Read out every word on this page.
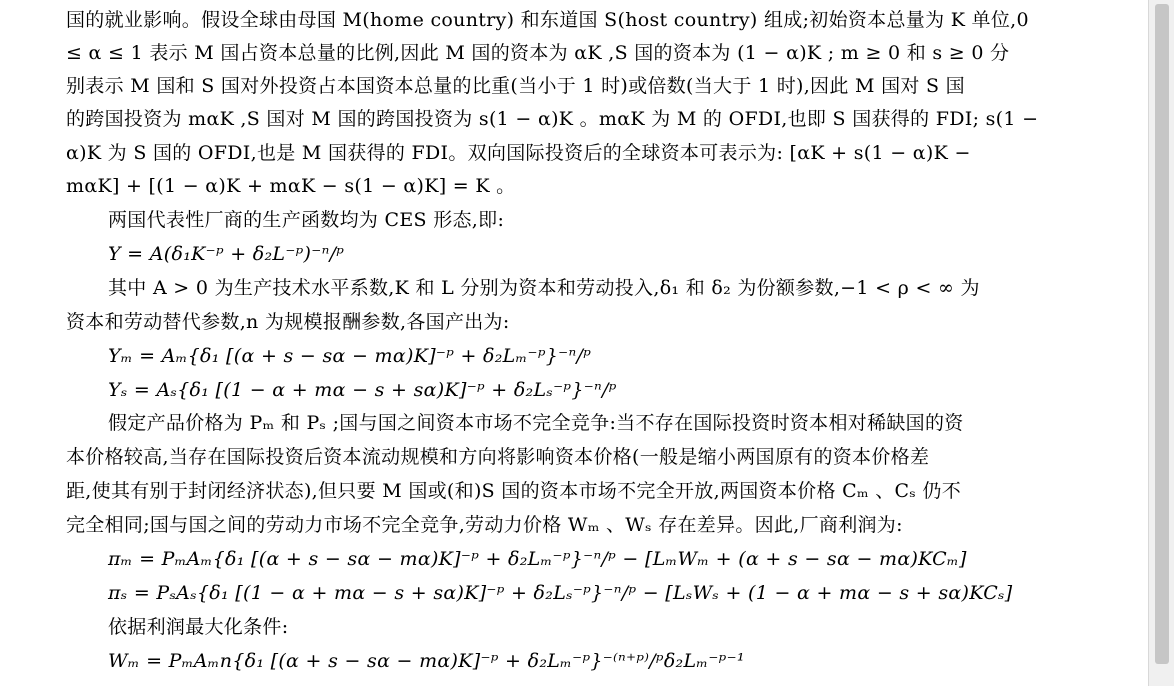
国的就业影响。假设全球由母国 M(home country) 和东道国 S(host country) 组成;初始资本总量为 K 单位,0
≤ α ≤ 1 表示 M 国占资本总量的比例,因此 M 国的资本为 αK ,S 国的资本为 (1 − α)K ; m ≥ 0 和 s ≥ 0 分
别表示 M 国和 S 国对外投资占本国资本总量的比重(当小于 1 时)或倍数(当大于 1 时),因此 M 国对 S 国
的跨国投资为 mαK ,S 国对 M 国的跨国投资为 s(1 − α)K 。mαK 为 M 的 OFDI,也即 S 国获得的 FDI; s(1 −
α)K 为 S 国的 OFDI,也是 M 国获得的 FDI。双向国际投资后的全球资本可表示为: [αK + s(1 − α)K −
mαK] + [(1 − α)K + mαK − s(1 − α)K] = K 。
两国代表性厂商的生产函数均为 CES 形态,即:
Y = A(δ₁K⁻ᵖ + δ₂L⁻ᵖ)⁻ⁿ/ᵖ
其中 A > 0 为生产技术水平系数,K 和 L 分别为资本和劳动投入,δ₁ 和 δ₂ 为份额参数,−1 < ρ < ∞ 为
资本和劳动替代参数,n 为规模报酬参数,各国产出为:
Yₘ = Aₘ{δ₁ [(α + s − sα − mα)K]⁻ᵖ + δ₂Lₘ⁻ᵖ}⁻ⁿ/ᵖ
Yₛ = Aₛ{δ₁ [(1 − α + mα − s + sα)K]⁻ᵖ + δ₂Lₛ⁻ᵖ}⁻ⁿ/ᵖ
假定产品价格为 Pₘ 和 Pₛ ;国与国之间资本市场不完全竞争:当不存在国际投资时资本相对稀缺国的资
本价格较高,当存在国际投资后资本流动规模和方向将影响资本价格(一般是缩小两国原有的资本价格差
距,使其有别于封闭经济状态),但只要 M 国或(和)S 国的资本市场不完全开放,两国资本价格 Cₘ 、Cₛ 仍不
完全相同;国与国之间的劳动力市场不完全竞争,劳动力价格 Wₘ 、Wₛ 存在差异。因此,厂商利润为:
πₘ = PₘAₘ{δ₁ [(α + s − sα − mα)K]⁻ᵖ + δ₂Lₘ⁻ᵖ}⁻ⁿ/ᵖ − [LₘWₘ + (α + s − sα − mα)KCₘ]
πₛ = PₛAₛ{δ₁ [(1 − α + mα − s + sα)K]⁻ᵖ + δ₂Lₛ⁻ᵖ}⁻ⁿ/ᵖ − [LₛWₛ + (1 − α + mα − s + sα)KCₛ]
依据利润最大化条件:
Wₘ = PₘAₘn{δ₁ [(α + s − sα − mα)K]⁻ᵖ + δ₂Lₘ⁻ᵖ}⁻⁽ⁿ⁺ᵖ⁾/ᵖδ₂Lₘ⁻ᵖ⁻¹
